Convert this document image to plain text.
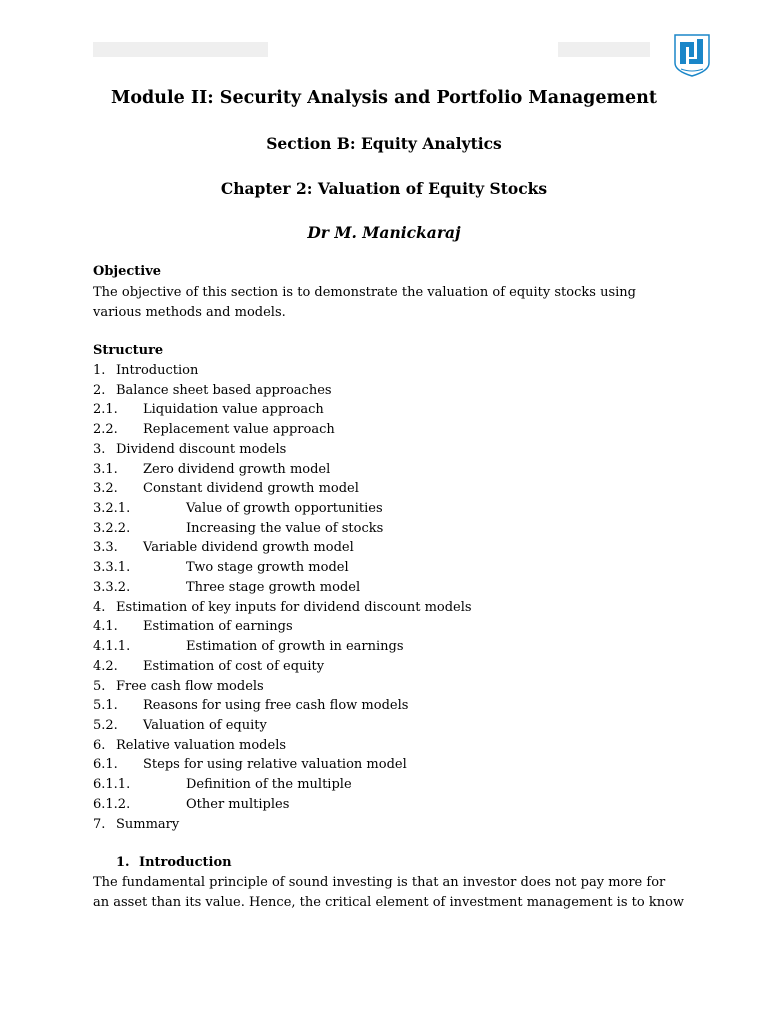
Module II: Security Analysis and Portfolio Management
Section B: Equity Analytics
Chapter 2: Valuation of Equity Stocks
Dr M. Manickaraj
Objective

The objective of this section is to demonstrate the valuation of equity stocks using
various methods and models.

Structure
1. Introduction
2. Balance sheet based approaches
2.1. Liquidation value approach
2.2. Replacement value approach
3. Dividend discount models
3.1. Zero dividend growth model
3.2. Constant dividend growth model
3.2.1.	Value of growth opportunities
3.2.2.	Increasing the value of stocks
3.3. Variable dividend growth model
3.3.1.	Two stage growth model
3.3.2.	Three stage growth model
4. Estimation of key inputs for dividend discount models
4.1. Estimation of earnings
4.1.1.	Estimation of growth in earnings
4.2. Estimation of cost of equity
5. Free cash flow models
5.1. Reasons for using free cash flow models
5.2. Valuation of equity
6. Relative valuation models
6.1. Steps for using relative valuation model
6.1.1.	Definition of the multiple
6.1.2.	Other multiples
7. Summary
1. Introduction

The fundamental principle of sound investing is that an investor does not pay more for
an asset than its value. Hence, the critical element of investment management is to know
